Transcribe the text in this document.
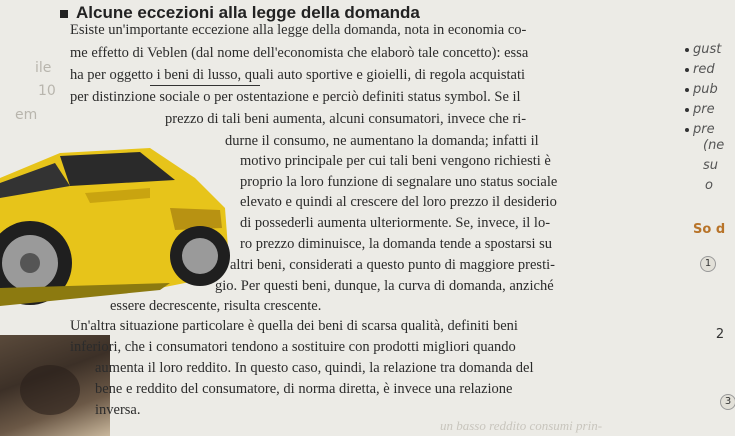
ile
10
em
Alcune eccezioni alla legge della domanda
Esiste un'importante eccezione alla legge della domanda, nota in economia co-
me effetto di Veblen (dal nome dell'economista che elaborò tale concetto): essa
ha per oggetto i beni di lusso, quali auto sportive e gioielli, di regola acquistati
per distinzione sociale o per ostentazione e perciò definiti status symbol. Se il
prezzo di tali beni aumenta, alcuni consumatori, invece che ri-
durne il consumo, ne aumentano la domanda; infatti il
motivo principale per cui tali beni vengono richiesti è
proprio la loro funzione di segnalare uno status sociale
elevato e quindi al crescere del loro prezzo il desiderio
di possederli aumenta ulteriormente. Se, invece, il lo-
ro prezzo diminuisce, la domanda tende a spostarsi su
altri beni, considerati a questo punto di maggiore presti-
gio. Per questi beni, dunque, la curva di domanda, anziché
essere decrescente, risulta crescente.
Un'altra situazione particolare è quella dei beni di scarsa qualità, definiti beni
inferiori, che i consumatori tendono a sostituire con prodotti migliori quando
aumenta il loro reddito. In questo caso, quindi, la relazione tra domanda del
bene e reddito del consumatore, di norma diretta, è invece una relazione
inversa.
un basso reddito consumi prin-
gust
red
pub
pre
pre
(ne
su
o
So d
1
2
3
